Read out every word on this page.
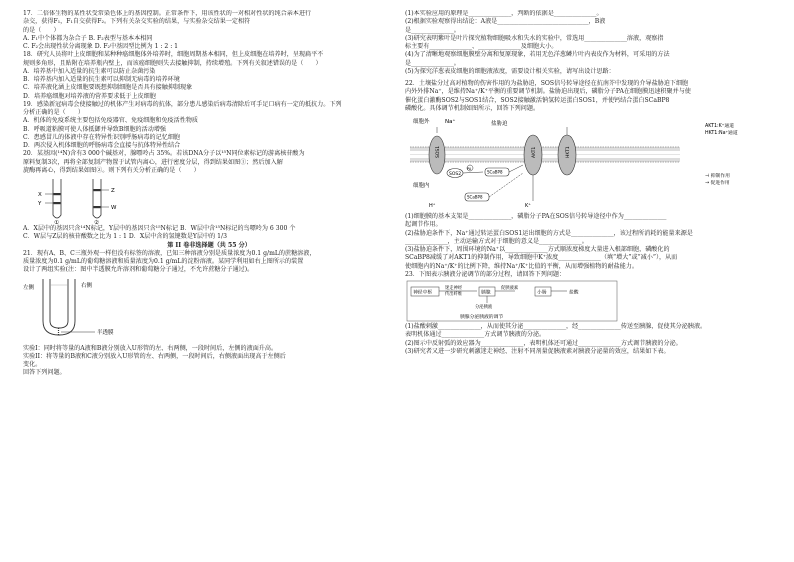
17．二倍体生物的某性状受常染色体上的基因控制。正常条件下，用该性状的一对相对性状的纯合亲本进行
杂交，获得F₁，F₁自交获得F₂。下列有关杂交实验的结果，与实验杂交结果一定相符
的是（　　）
A. F₁中个体都为杂合子 B. F₂表型与基本本相同
C. F₂会出现性状分离现象 D. F₂中基因型比例为 1 : 2 : 1
18．研究人员将叶上皮细胞和某种种癌细胞体外培养时，细胞周期基本相同，但上皮细胞在培养时，呈现扁平不
规则多角形，且贴附在培养瓶内壁上，而该癌细胞则失去接触抑制，持续增殖。下列有关叙述错误的是（　　）
A．培养基中加入适量的抗生素可以防止杂菌污染
B．培养基内加入适量的抗生素可以抑制无病毒的培养环境
C．培养液化涵上皮细胞要既想抑制细胞是否具有接触抑制现象
D．培养癌细胞对培养液的营养要求低于上皮细胞
19．感染新冠病毒会使接触过的机体产生对病毒的抗体，部分患儿感染后病毒清除后可手足口病有一定的抵抗力。下列
分析正确的是（　　）
A．机体的免疫系统主要包括免疫器官、免疫细胞和免疫活性物质
B．呼吸道粘膜可使人体抵御并导致B细胞的活动增强
C．患感冒儿的体液中存在特异性识别呼肠病毒的记忆细胞
D．两次侵入机体细胞的呼肠病毒会直接与抗体特异性结合
20．某基因(¹⁴N)含有3 000个碱基对，腺嘌呤占 35%。若该DNA分子以¹⁵N同位素标记的游离核苷酸为
原料复制3次，再将全部复制产物置于试管内离心，进行密度分层，得到结果如图①；然后加入解
旋酶再离心，得到结果如图②。则下列有关分析正确的是（　　）
X
Y
①
Z
W
②
A．X层中的基因只含¹⁴N标记，Y层中的基因只含¹⁵N标记 B．W层中含¹⁵N标记的鸟嘌呤为 6 300 个
C．W层与Z层的核苷酸数之比为 1 : 1 D．X层中含的氢键数是Y层中的 1/3
第 II 卷非选择题（共 55 分）
21．现有A、B、C三瓶外观一样但没有标签的溶液，已知三种溶液分别是质量浓度为0.1 g/mL的蔗糖溶液，
质量浓度为0.1 g/mL的葡萄糖溶液和质量浓度为0.1 g/mL的淀粉溶液。某同学利用如右上图所示的装置
设计了两组实验(注：图中半透膜允许溶剂和葡萄糖分子通过，不允许蔗糖分子通过)。
左侧	右侧
半透膜
实验I：同时将等量的A液和B液分别放入U形管的左、右两侧，一段时间后，左侧的液面升高。
实验II：将等量的B液和C液分别放入U形管的左、右两侧，一段时间后，右侧液面出现高于左侧后
变化。
回答下列问题。
(1)本实验应用的原理是______________，判断的依据是______________。
(2)根据实验观察得出结论：A液是______________________________，B液
是______________。
(3)研究表明紫叶是叶片探究植物细胞吸水和失水的实验中，常选用______________溶液，观察指
标主要有______________、______________及细胞大小。
(4)为了清晰地观察细胞膜壁分离和复原现象，若用无色洋葱鳞片叶内表皮作为材料，可采用的方法
是______________。
(5)为探究洋葱表皮细胞的细胞液浓度，需要设计相关实验，请写出设计思路：
22．土壤盐分过高对植物的伤害作用的为盐胁迫，SOS信号转导途径在抗南芥中发现的介导盐胁迫下细胞
内外外排Na⁺，是维持Na⁺/K⁺平衡的重要调节机制。盐胁迫出现后，磷脂分子PA在细胞膜迅速积聚并与使
催化蛋白激酶SOS2与SOS1结合，SOS2接触激活钠氢转运蛋白SOS1，并使钙结合蛋白SCaBP8
磷酸化。具体调节机制如图所示，回答下列问题。
细胞外	盐胁迫
Na⁺
细胞内
SOS1
SOS2
PA
SCaBP8
AKT1	HKT1
SCaBP8
H⁺	K⁺
AKT1:K⁺通道
HKT1:Na⁺通道
⊣ 抑制作用
→ 促进作用
(1)细胞膜的基本支架是______________，磷脂分子PA在SOS信号转导途径中作为______________
起调节作用。
(2)盐胁迫条件下，Na⁺通过转运蛋白SOS1运出细胞的方式是______________，该过程所消耗的能量来源是
______________，主动运输方式对于细胞的意义是______________。
(3)盐胁迫条件下，周围环境的Na⁺以______________方式顺浓度梯度大量进入根部细胞，磷酸化的
SCaBP8减缓了对AKT1的抑制作用，导致细胞中K⁺浓度______________（填“增大”或“减小”），从而
使细胞内的Na⁺/K⁺的比例下降，维持Na⁺/K⁺比值的平衡，从而增强植物的耐盐能力。
23．下图表示胰液分泌调节的部分过程，请回答下列问题：
神经中枢
迷走神经
传出纤维	胰腺
促胰液素
小肠	盐酸
分泌胰液
胰腺分泌胰液的调节
(1)盐酸刺激______________，从而使其分泌______________，经______________传送至胰腺，促使其分泌胰液。
表明机体通过______________方式调节胰液的分泌。
(2)图示中反射弧的效应器为______________，表明机体还可通过______________方式调节胰液的分泌。
(3)研究者又进一步研究刺激迷走神经、注射不同剂量促胰液素对胰液分泌量的效应，结果如下表。
